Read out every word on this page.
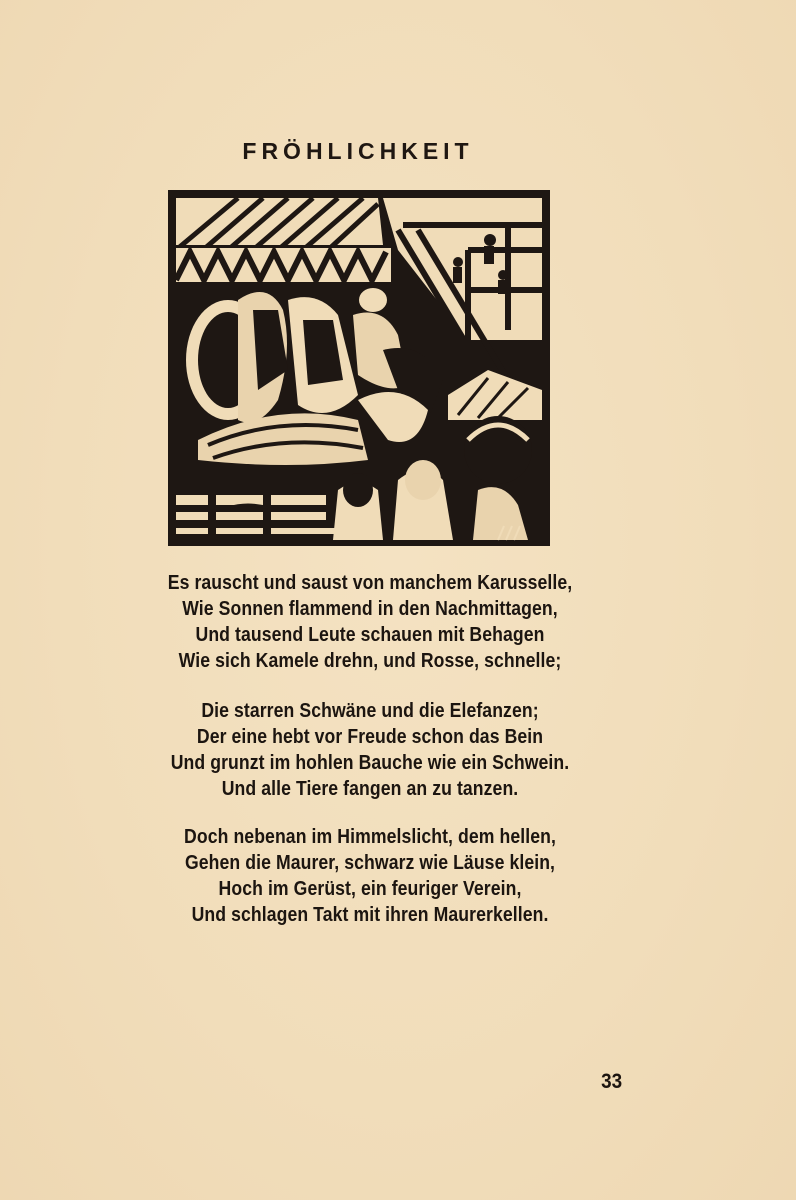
FRÖHLICHKEIT
Es rauscht und saust von manchem Karusselle,
Wie Sonnen flammend in den Nachmittagen,
Und tausend Leute schauen mit Behagen
Wie sich Kamele drehn, und Rosse, schnelle;
Die starren Schwäne und die Elefanzen;
Der eine hebt vor Freude schon das Bein
Und grunzt im hohlen Bauche wie ein Schwein.
Und alle Tiere fangen an zu tanzen.
Doch nebenan im Himmelslicht, dem hellen,
Gehen die Maurer, schwarz wie Läuse klein,
Hoch im Gerüst, ein feuriger Verein,
Und schlagen Takt mit ihren Maurerkellen.
33
